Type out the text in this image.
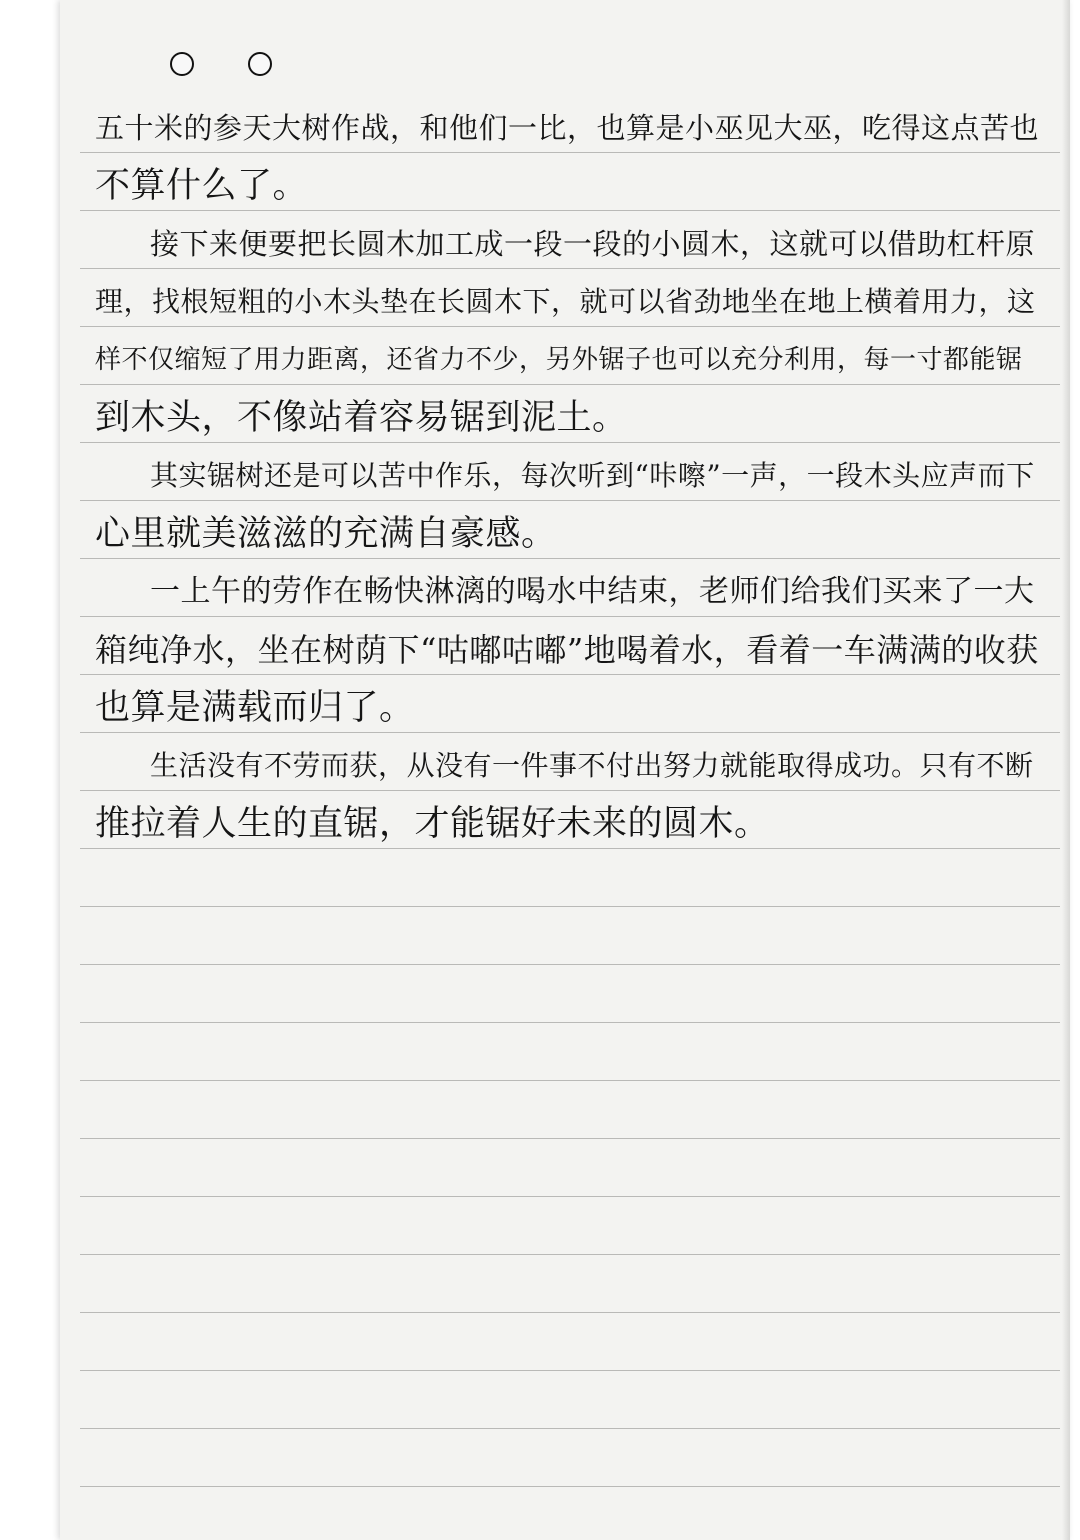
五十米的参天大树作战，和他们一比，也算是小巫见大巫，吃得这点苦也
不算什么了。
接下来便要把长圆木加工成一段一段的小圆木，这就可以借助杠杆原
理，找根短粗的小木头垫在长圆木下，就可以省劲地坐在地上横着用力，这
样不仅缩短了用力距离，还省力不少，另外锯子也可以充分利用，每一寸都能锯
到木头，不像站着容易锯到泥土。
其实锯树还是可以苦中作乐，每次听到“咔嚓”一声，一段木头应声而下
心里就美滋滋的充满自豪感。
一上午的劳作在畅快淋漓的喝水中结束，老师们给我们买来了一大
箱纯净水，坐在树荫下“咕嘟咕嘟”地喝着水，看着一车满满的收获
也算是满载而归了。
生活没有不劳而获，从没有一件事不付出努力就能取得成功。只有不断
推拉着人生的直锯，才能锯好未来的圆木。
